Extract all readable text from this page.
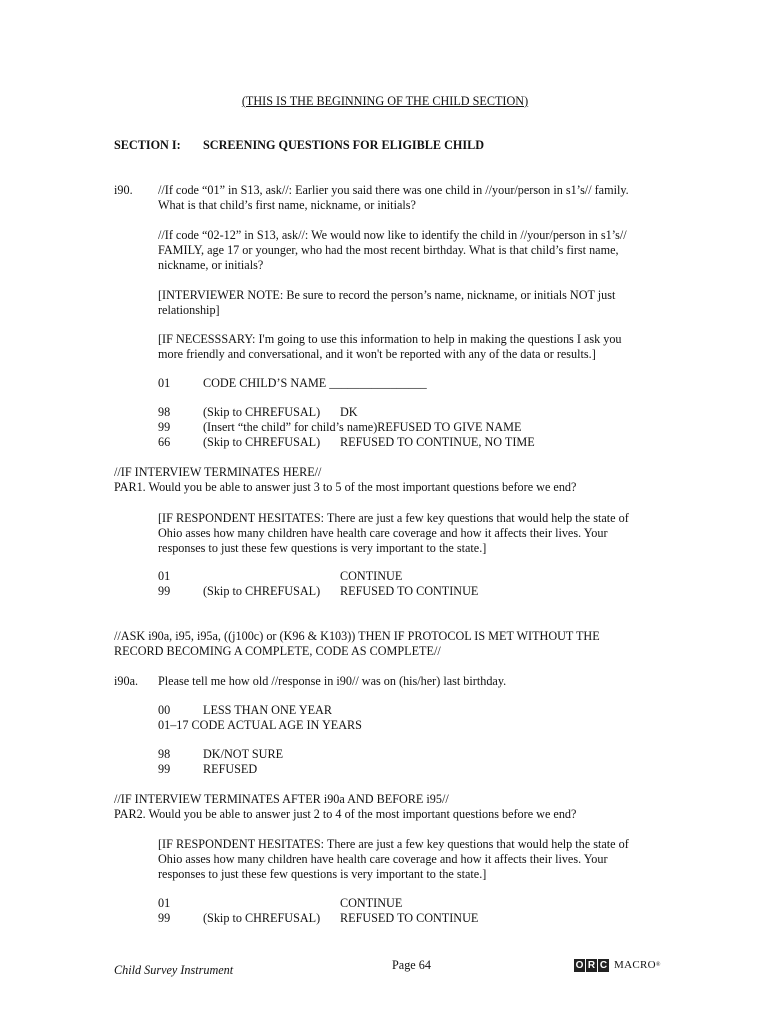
(THIS IS THE BEGINNING OF THE CHILD SECTION)
SECTION I: SCREENING QUESTIONS FOR ELIGIBLE CHILD
i90. //If code “01” in S13, ask//: Earlier you said there was one child in //your/person in s1’s// family.
What is that child’s first name, nickname, or initials?
//If code “02-12” in S13, ask//: We would now like to identify the child in //your/person in s1’s//
FAMILY, age 17 or younger, who had the most recent birthday. What is that child’s first name,
nickname, or initials?
[INTERVIEWER NOTE: Be sure to record the person’s name, nickname, or initials NOT just
relationship]
[IF NECESSSARY: I'm going to use this information to help in making the questions I ask you
more friendly and conversational, and it won't be reported with any of the data or results.]
01	CODE CHILD’S NAME ________________
98	(Skip to CHREFUSAL) DK
99	(Insert “the child” for child’s name)REFUSED TO GIVE NAME
66	(Skip to CHREFUSAL) REFUSED TO CONTINUE, NO TIME
//IF INTERVIEW TERMINATES HERE//
PAR1. Would you be able to answer just 3 to 5 of the most important questions before we end?
[IF RESPONDENT HESITATES: There are just a few key questions that would help the state of
Ohio asses how many children have health care coverage and how it affects their lives. Your
responses to just these few questions is very important to the state.]
01	CONTINUE
99	(Skip to CHREFUSAL) REFUSED TO CONTINUE
//ASK i90a, i95, i95a, ((j100c) or (K96 & K103)) THEN IF PROTOCOL IS MET WITHOUT THE
RECORD BECOMING A COMPLETE, CODE AS COMPLETE//
i90a. Please tell me how old //response in i90// was on (his/her) last birthday.
00	LESS THAN ONE YEAR
01–17 CODE ACTUAL AGE IN YEARS
98	DK/NOT SURE
99	REFUSED
//IF INTERVIEW TERMINATES AFTER i90a AND BEFORE i95//
PAR2. Would you be able to answer just 2 to 4 of the most important questions before we end?
[IF RESPONDENT HESITATES: There are just a few key questions that would help the state of
Ohio asses how many children have health care coverage and how it affects their lives. Your
responses to just these few questions is very important to the state.]
01	CONTINUE
99	(Skip to CHREFUSAL) REFUSED TO CONTINUE
Child Survey Instrument	Page 64	O R C MACRO ®
